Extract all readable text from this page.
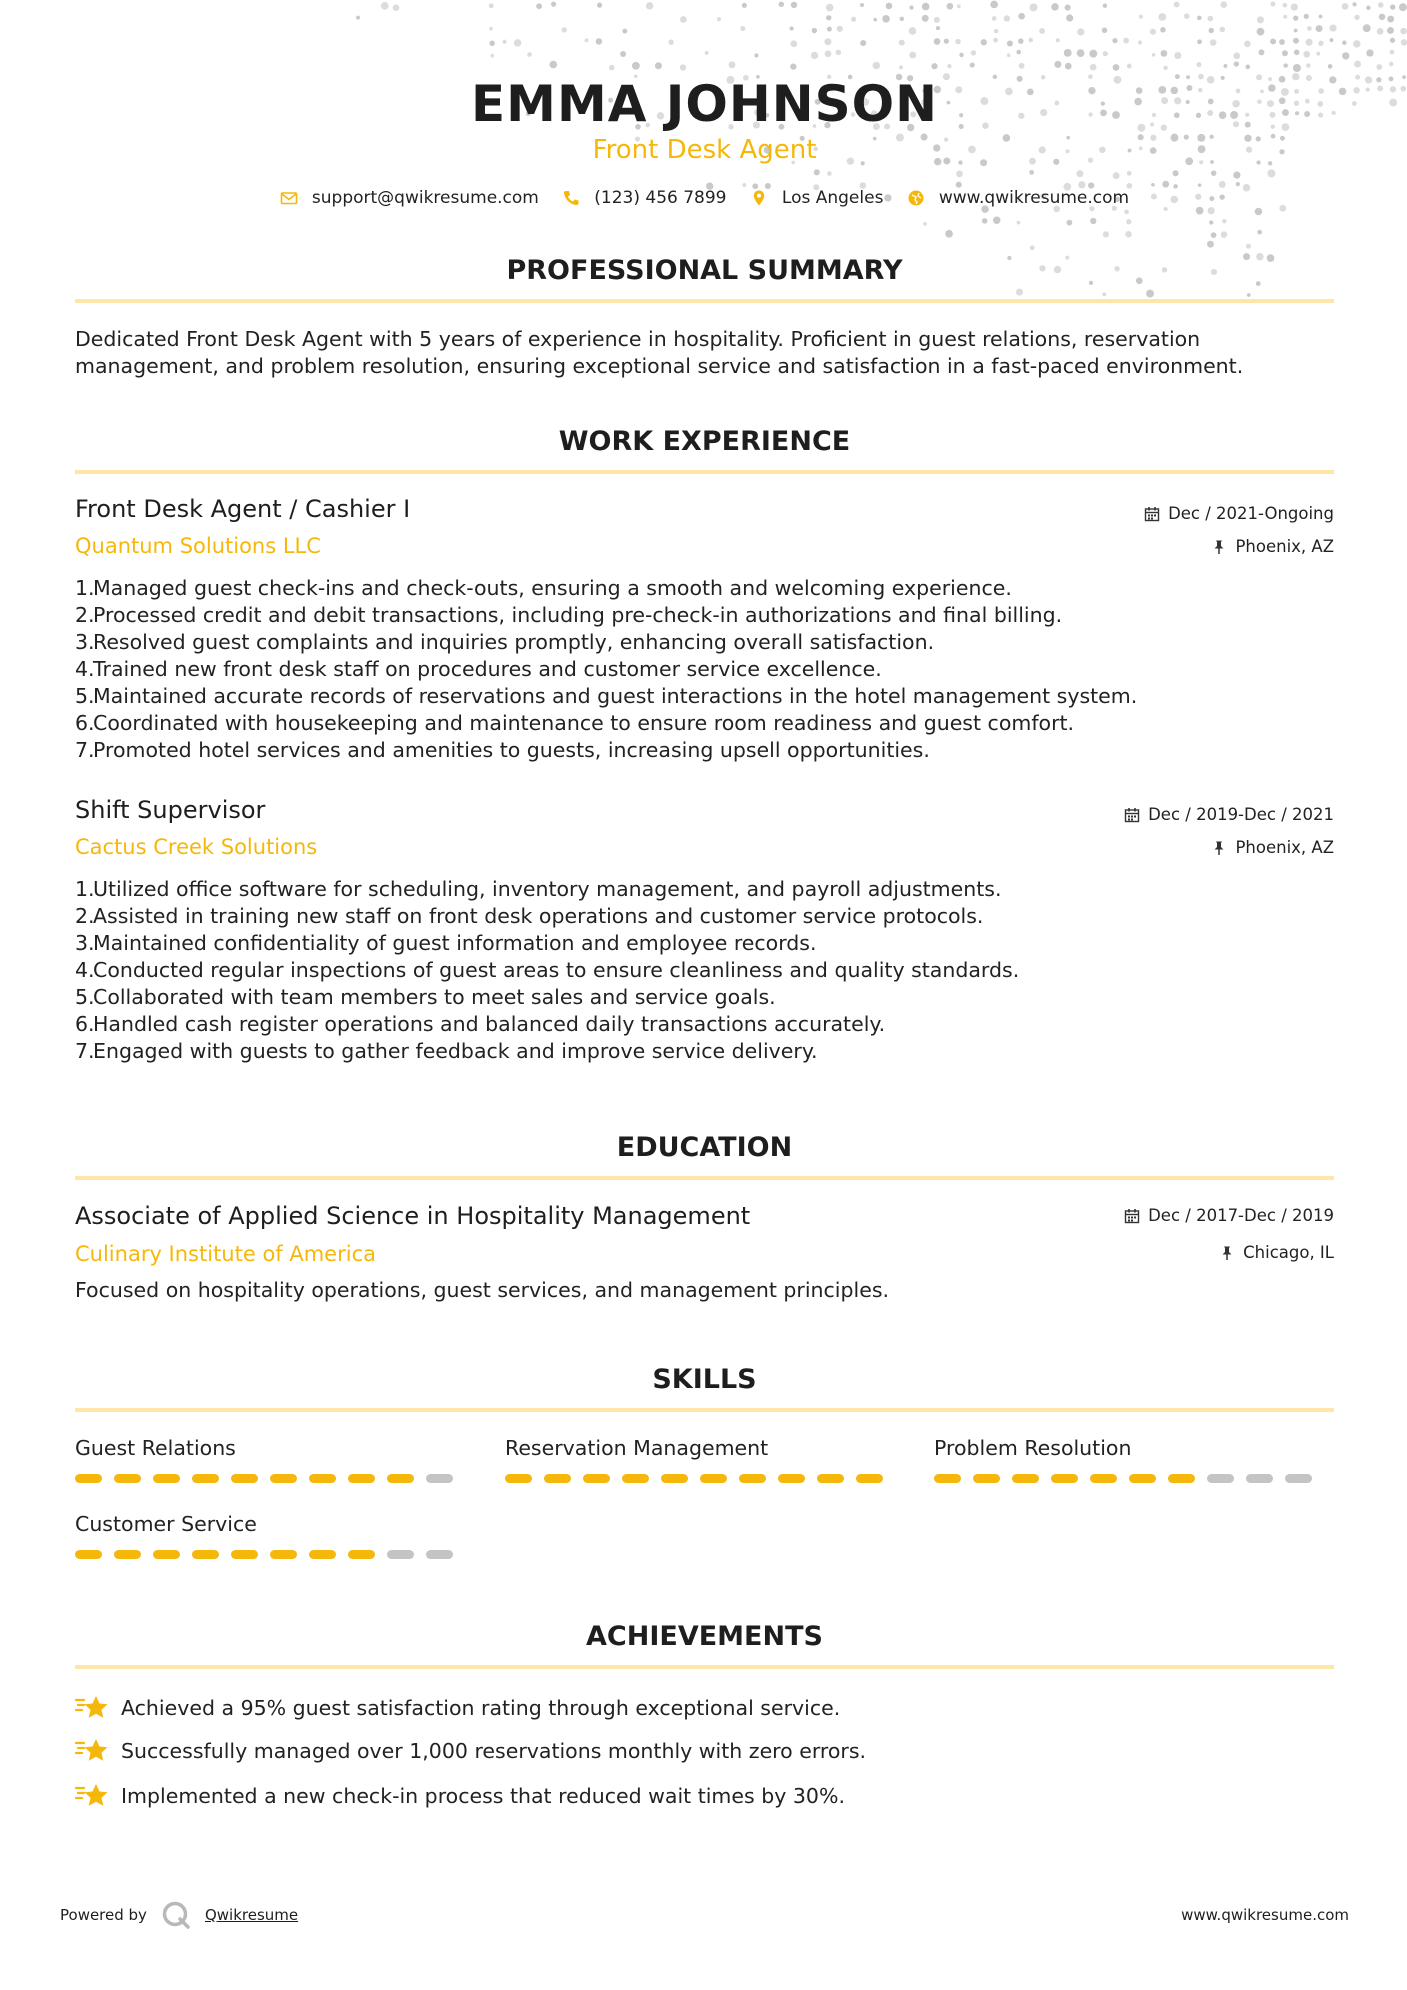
EMMA JOHNSON
Front Desk Agent
support@qwikresume.com
	(123) 456 7899
	Los Angeles
	www.qwikresume.com
PROFESSIONAL SUMMARY
Dedicated Front Desk Agent with 5 years of experience in hospitality. Proficient in guest relations, reservation
management, and problem resolution, ensuring exceptional service and satisfaction in a fast-paced environment.
WORK EXPERIENCE
Front Desk Agent / Cashier I	Dec / 2021-Ongoing
Quantum Solutions LLC	Phoenix, AZ
1.
Managed guest check-ins and check-outs, ensuring a smooth and welcoming experience.
2.
Processed credit and debit transactions, including pre-check-in authorizations and final billing.
3.
Resolved guest complaints and inquiries promptly, enhancing overall satisfaction.
4.
Trained new front desk staff on procedures and customer service excellence.
5.
Maintained accurate records of reservations and guest interactions in the hotel management system.
6.
Coordinated with housekeeping and maintenance to ensure room readiness and guest comfort.
7.
Promoted hotel services and amenities to guests, increasing upsell opportunities.
Shift Supervisor	Dec / 2019-Dec / 2021
Cactus Creek Solutions	Phoenix, AZ
1.
Utilized office software for scheduling, inventory management, and payroll adjustments.
2.
Assisted in training new staff on front desk operations and customer service protocols.
3.
Maintained confidentiality of guest information and employee records.
4.
Conducted regular inspections of guest areas to ensure cleanliness and quality standards.
5.
Collaborated with team members to meet sales and service goals.
6.
Handled cash register operations and balanced daily transactions accurately.
7.
Engaged with guests to gather feedback and improve service delivery.
EDUCATION
Associate of Applied Science in Hospitality Management	Dec / 2017-Dec / 2019
Culinary Institute of America	Chicago, IL
Focused on hospitality operations, guest services, and management principles.
SKILLS
Guest Relations	Reservation Management	Problem Resolution
Customer Service
ACHIEVEMENTS
Achieved a 95% guest satisfaction rating through exceptional service.
Successfully managed over 1,000 reservations monthly with zero errors.
Implemented a new check-in process that reduced wait times by 30%.
Powered by	Qwikresume	www.qwikresume.com
